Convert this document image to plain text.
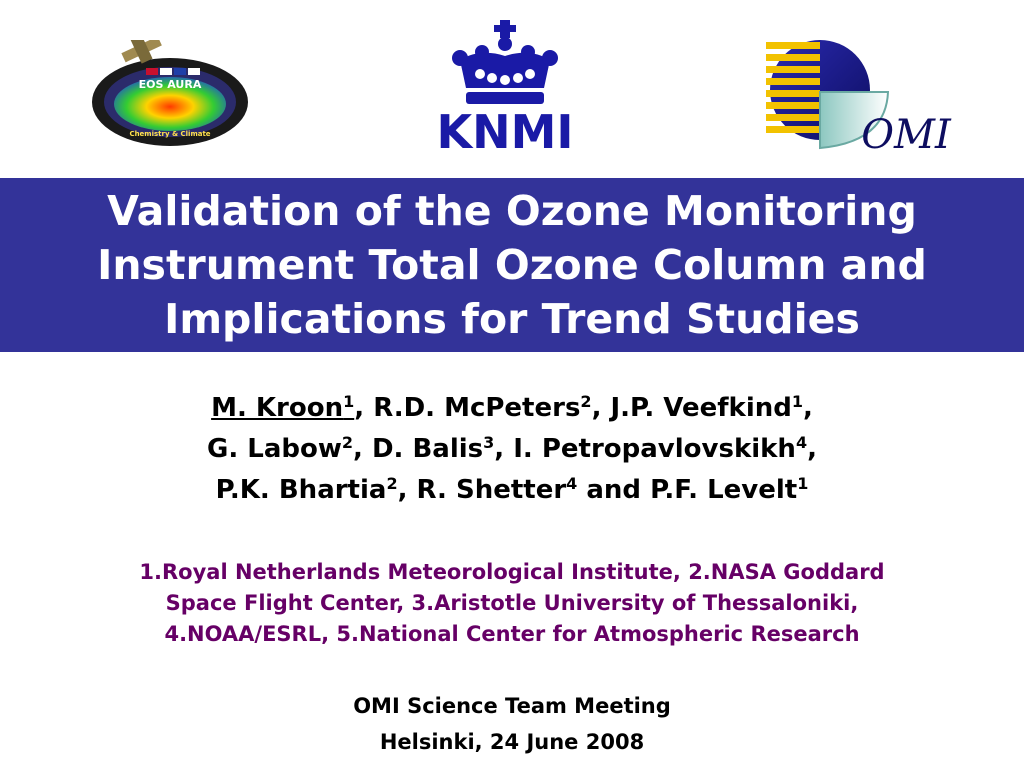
EOS AURA
Chemistry & Climate	KNMI	OMI
Validation of the Ozone Monitoring
Instrument Total Ozone Column and
Implications for Trend Studies
M. Kroon$^1$, R.D. McPeters$^2$, J.P. Veefkind$^1$,
G. Labow$^2$, D. Balis$^3$, I. Petropavlovskikh$^4$,
P.K. Bhartia$^2$, R. Shetter$^4$ and P.F. Levelt$^1$
1.Royal Netherlands Meteorological Institute, 2.NASA Goddard
Space Flight Center, 3.Aristotle University of Thessaloniki,
4.NOAA/ESRL, 5.National Center for Atmospheric Research
OMI Science Team Meeting
Helsinki, 24 June 2008
